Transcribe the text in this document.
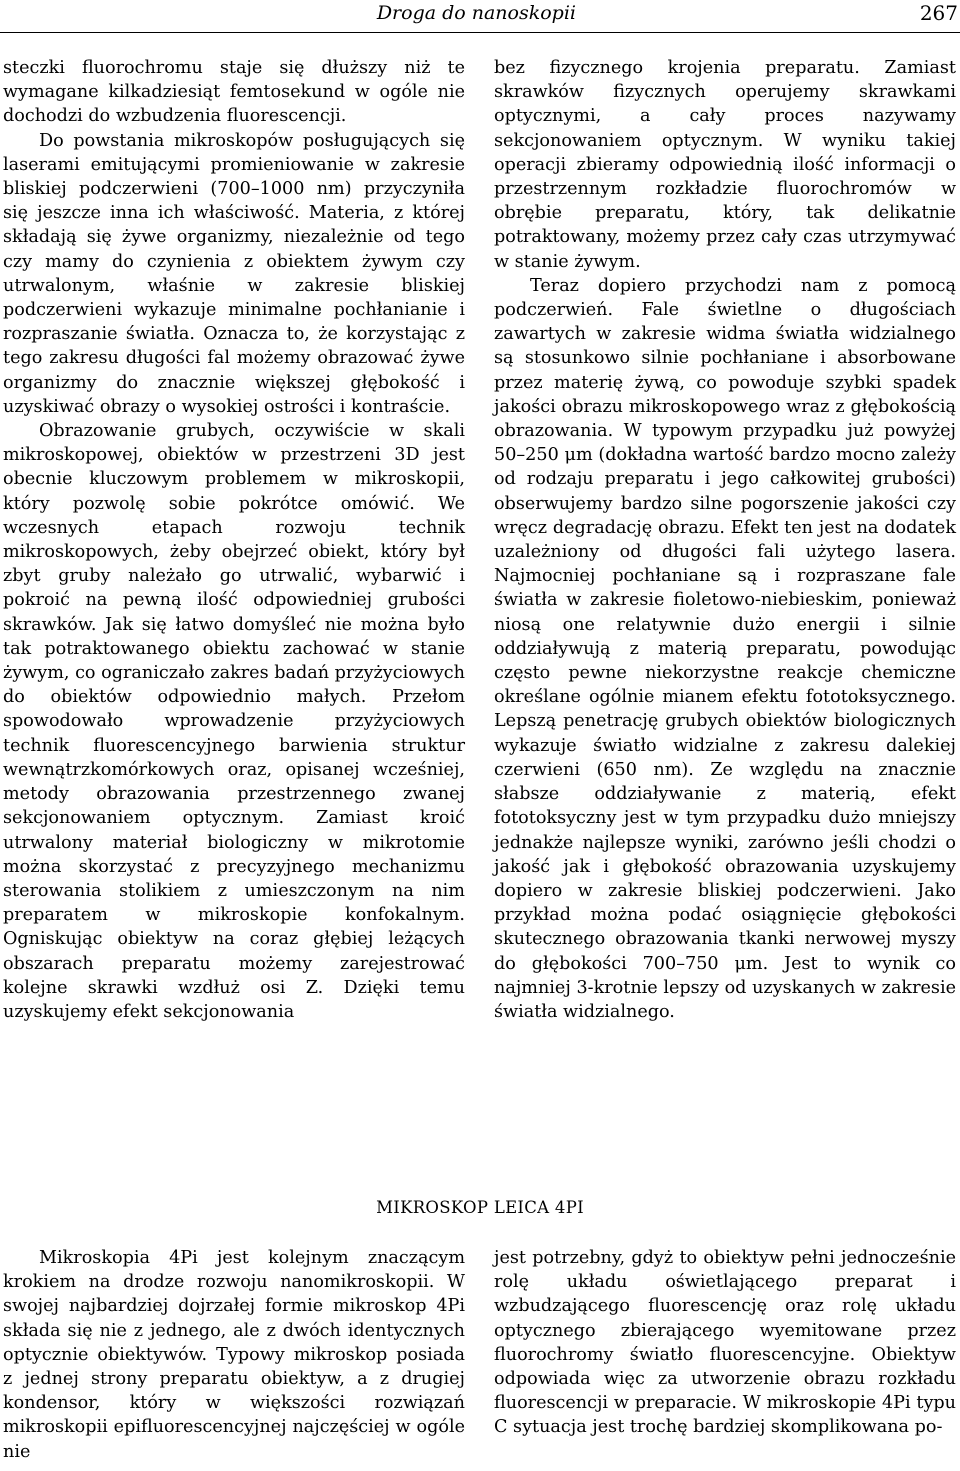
Droga do nanoskopii	267

steczki fluorochromu staje się dłuższy niż te wymagane kilkadziesiąt femtosekund w ogóle nie dochodzi do wzbudzenia fluorescencji.

Do powstania mikroskopów posługujących się laserami emitującymi promieniowanie w zakresie bliskiej podczerwieni (700–1000 nm) przyczyniła się jeszcze inna ich właściwość. Materia, z której składają się żywe organizmy, niezależnie od tego czy mamy do czynienia z obiektem żywym czy utrwalonym, właśnie w zakresie bliskiej podczerwieni wykazuje minimalne pochłanianie i rozpraszanie światła. Oznacza to, że korzystając z tego zakresu długości fal możemy obrazować żywe organizmy do znacznie większej głębokość i uzyskiwać obrazy o wysokiej ostrości i kontraście.

Obrazowanie grubych, oczywiście w skali mikroskopowej, obiektów w przestrzeni 3D jest obecnie kluczowym problemem w mikroskopii, który pozwolę sobie pokrótce omówić. We wczesnych etapach rozwoju technik mikroskopowych, żeby obejrzeć obiekt, który był zbyt gruby należało go utrwalić, wybarwić i pokroić na pewną ilość odpowiedniej grubości skrawków. Jak się łatwo domyśleć nie można było tak potraktowanego obiektu zachować w stanie żywym, co ograniczało zakres badań przyżyciowych do obiektów odpowiednio małych. Przełom spowodowało wprowadzenie przyżyciowych technik fluorescencyjnego barwienia struktur wewnątrzkomórkowych oraz, opisanej wcześniej, metody obrazowania przestrzennego zwanej sekcjonowaniem optycznym. Zamiast kroić utrwalony materiał biologiczny w mikrotomie można skorzystać z precyzyjnego mechanizmu sterowania stolikiem z umieszczonym na nim preparatem w mikroskopie konfokalnym. Ogniskując obiektyw na coraz głębiej leżących obszarach preparatu możemy zarejestrować kolejne skrawki wzdłuż osi Z. Dzięki temu uzyskujemy efekt sekcjonowania

bez fizycznego krojenia preparatu. Zamiast skrawków fizycznych operujemy skrawkami optycznymi, a cały proces nazywamy sekcjonowaniem optycznym. W wyniku takiej operacji zbieramy odpowiednią ilość informacji o przestrzennym rozkładzie fluorochromów w obrębie preparatu, który, tak delikatnie potraktowany, możemy przez cały czas utrzymywać w stanie żywym.

Teraz dopiero przychodzi nam z pomocą podczerwień. Fale świetlne o długościach zawartych w zakresie widma światła widzialnego są stosunkowo silnie pochłaniane i absorbowane przez materię żywą, co powoduje szybki spadek jakości obrazu mikroskopowego wraz z głębokością obrazowania. W typowym przypadku już powyżej 50–250 μm (dokładna wartość bardzo mocno zależy od rodzaju preparatu i jego całkowitej grubości) obserwujemy bardzo silne pogorszenie jakości czy wręcz degradację obrazu. Efekt ten jest na dodatek uzależniony od długości fali użytego lasera. Najmocniej pochłaniane są i rozpraszane fale światła w zakresie fioletowo-niebieskim, ponieważ niosą one relatywnie dużo energii i silnie oddziaływują z materią preparatu, powodując często pewne niekorzystne reakcje chemiczne określane ogólnie mianem efektu fototoksycznego. Lepszą penetrację grubych obiektów biologicznych wykazuje światło widzialne z zakresu dalekiej czerwieni (650 nm). Ze względu na znacznie słabsze oddziaływanie z materią, efekt fototoksyczny jest w tym przypadku dużo mniejszy jednakże najlepsze wyniki, zarówno jeśli chodzi o jakość jak i głębokość obrazowania uzyskujemy dopiero w zakresie bliskiej podczerwieni. Jako przykład można podać osiągnięcie głębokości skutecznego obrazowania tkanki nerwowej myszy do głębokości 700–750 μm. Jest to wynik co najmniej 3-krotnie lepszy od uzyskanych w zakresie światła widzialnego.

MIKROSKOP LEICA 4PI

Mikroskopia 4Pi jest kolejnym znaczącym krokiem na drodze rozwoju nanomikroskopii. W swojej najbardziej dojrzałej formie mikroskop 4Pi składa się nie z jednego, ale z dwóch identycznych optycznie obiektywów. Typowy mikroskop posiada z jednej strony preparatu obiektyw, a z drugiej kondensor, który w większości rozwiązań mikroskopii epifluorescencyjnej najczęściej w ogóle nie

jest potrzebny, gdyż to obiektyw pełni jednocześnie rolę układu oświetlającego preparat i wzbudzającego fluorescencję oraz rolę układu optycznego zbierającego wyemitowane przez fluorochromy światło fluorescencyjne. Obiektyw odpowiada więc za utworzenie obrazu rozkładu fluorescencji w preparacie. W mikroskopie 4Pi typu C sytuacja jest trochę bardziej skomplikowana po-
